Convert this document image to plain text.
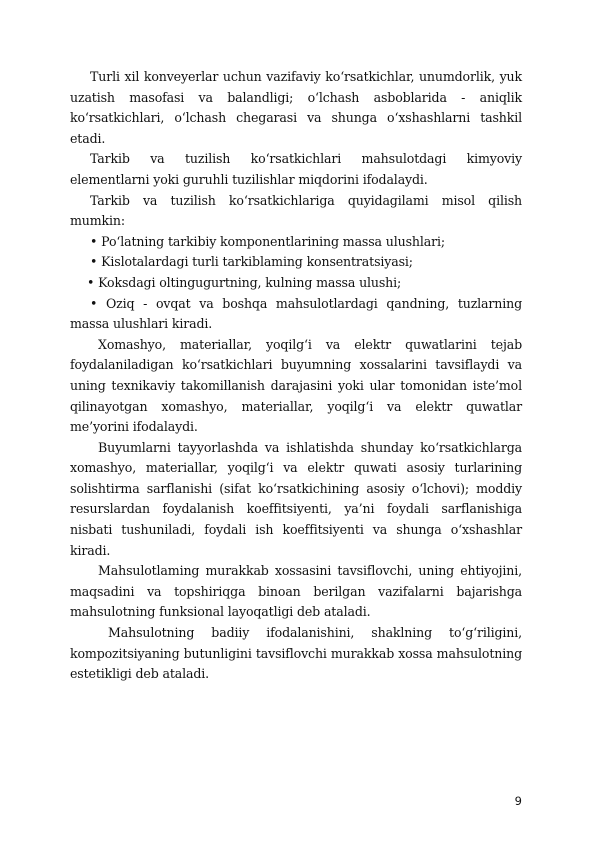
Turli xil konveyerlar uchun vazifaviy ko‘rsatkichlar, unumdorlik, yuk uzatish masofasi va balandligi; o‘lchash asboblarida - aniqlik ko‘rsatkichlari, o‘lchash chegarasi va shunga o‘xshashlarni tashkil etadi.

Tarkib va tuzilish ko‘rsatkichlari mahsulotdagi kimyoviy elementlarni yoki guruhli tuzilishlar miqdorini ifodalaydi.

Tarkib va tuzilish ko‘rsatkichlariga quyidagilami misol qilish mumkin:

• Po‘latning tarkibiy komponentlarining massa ulushlari;

• Kislotalardagi turli tarkiblaming konsentratsiyasi;

• Koksdagi oltingugurtning, kulning massa ulushi;

• Oziq - ovqat va boshqa mahsulotlardagi qandning, tuzlarning massa ulushlari kiradi.

Xomashyo, materiallar, yoqilg‘i va elektr quwatlarini tejab foydalaniladigan ko‘rsatkichlari buyumning xossalarini tavsiflaydi va uning texnikaviy takomillanish darajasini yoki ular tomonidan iste’mol qilinayotgan xomashyo, materiallar, yoqilg‘i va elektr quwatlar me’yorini ifodalaydi.

Buyumlarni tayyorlashda va ishlatishda shunday ko‘rsatkichlarga xomashyo, materiallar, yoqilg‘i va elektr quwati asosiy turlarining solishtirma sarflanishi (sifat ko‘rsatkichining asosiy o‘lchovi); moddiy resurslardan foydalanish koeffitsiyenti, ya’ni foydali sarflanishiga nisbati tushuniladi, foydali ish koeffitsiyenti va shunga o‘xshashlar kiradi.

Mahsulotlaming murakkab xossasini tavsiflovchi, uning ehtiyojini, maqsadini va topshiriqga binoan berilgan vazifalarni bajarishga mahsulotning funksional layoqatligi deb ataladi.

Mahsulotning badiiy ifodalanishini, shaklning to‘g‘riligini, kompozitsiyaning butunligini tavsiflovchi murakkab xossa mahsulotning estetikligi deb ataladi.

9
